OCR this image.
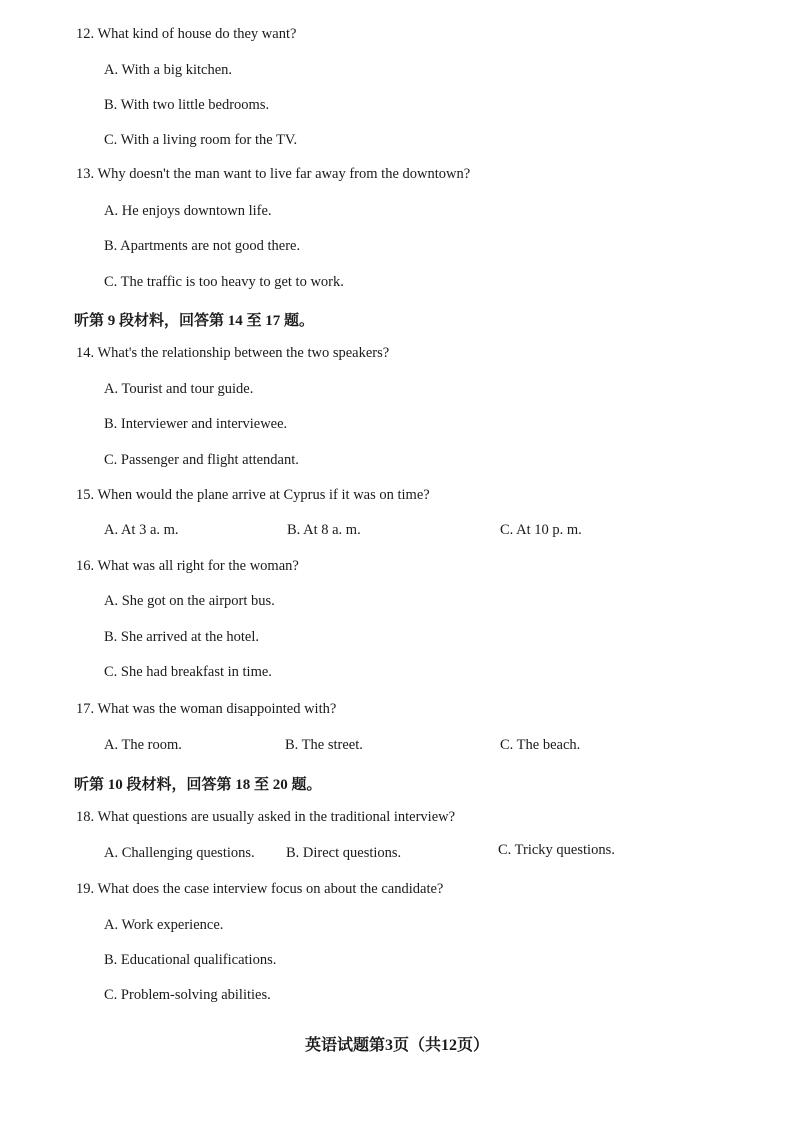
12. What kind of house do they want?
A. With a big kitchen.
B. With two little bedrooms.
C. With a living room for the TV.
13. Why doesn't the man want to live far away from the downtown?
A. He enjoys downtown life.
B. Apartments are not good there.
C. The traffic is too heavy to get to work.
听第 9 段材料，回答第 14 至 17 题。
14. What's the relationship between the two speakers?
A. Tourist and tour guide.
B. Interviewer and interviewee.
C. Passenger and flight attendant.
15. When would the plane arrive at Cyprus if it was on time?
A. At 3 a. m.	B. At 8 a. m.	C. At 10 p. m.
16. What was all right for the woman?
A. She got on the airport bus.
B. She arrived at the hotel.
C. She had breakfast in time.
17. What was the woman disappointed with?
A. The room.	B. The street.	C. The beach.
听第 10 段材料，回答第 18 至 20 题。
18. What questions are usually asked in the traditional interview?
A. Challenging questions. B. Direct questions.	C. Tricky questions.
19. What does the case interview focus on about the candidate?
A. Work experience.
B. Educational qualifications.
C. Problem-solving abilities.
英语试题第3页（共12页）
